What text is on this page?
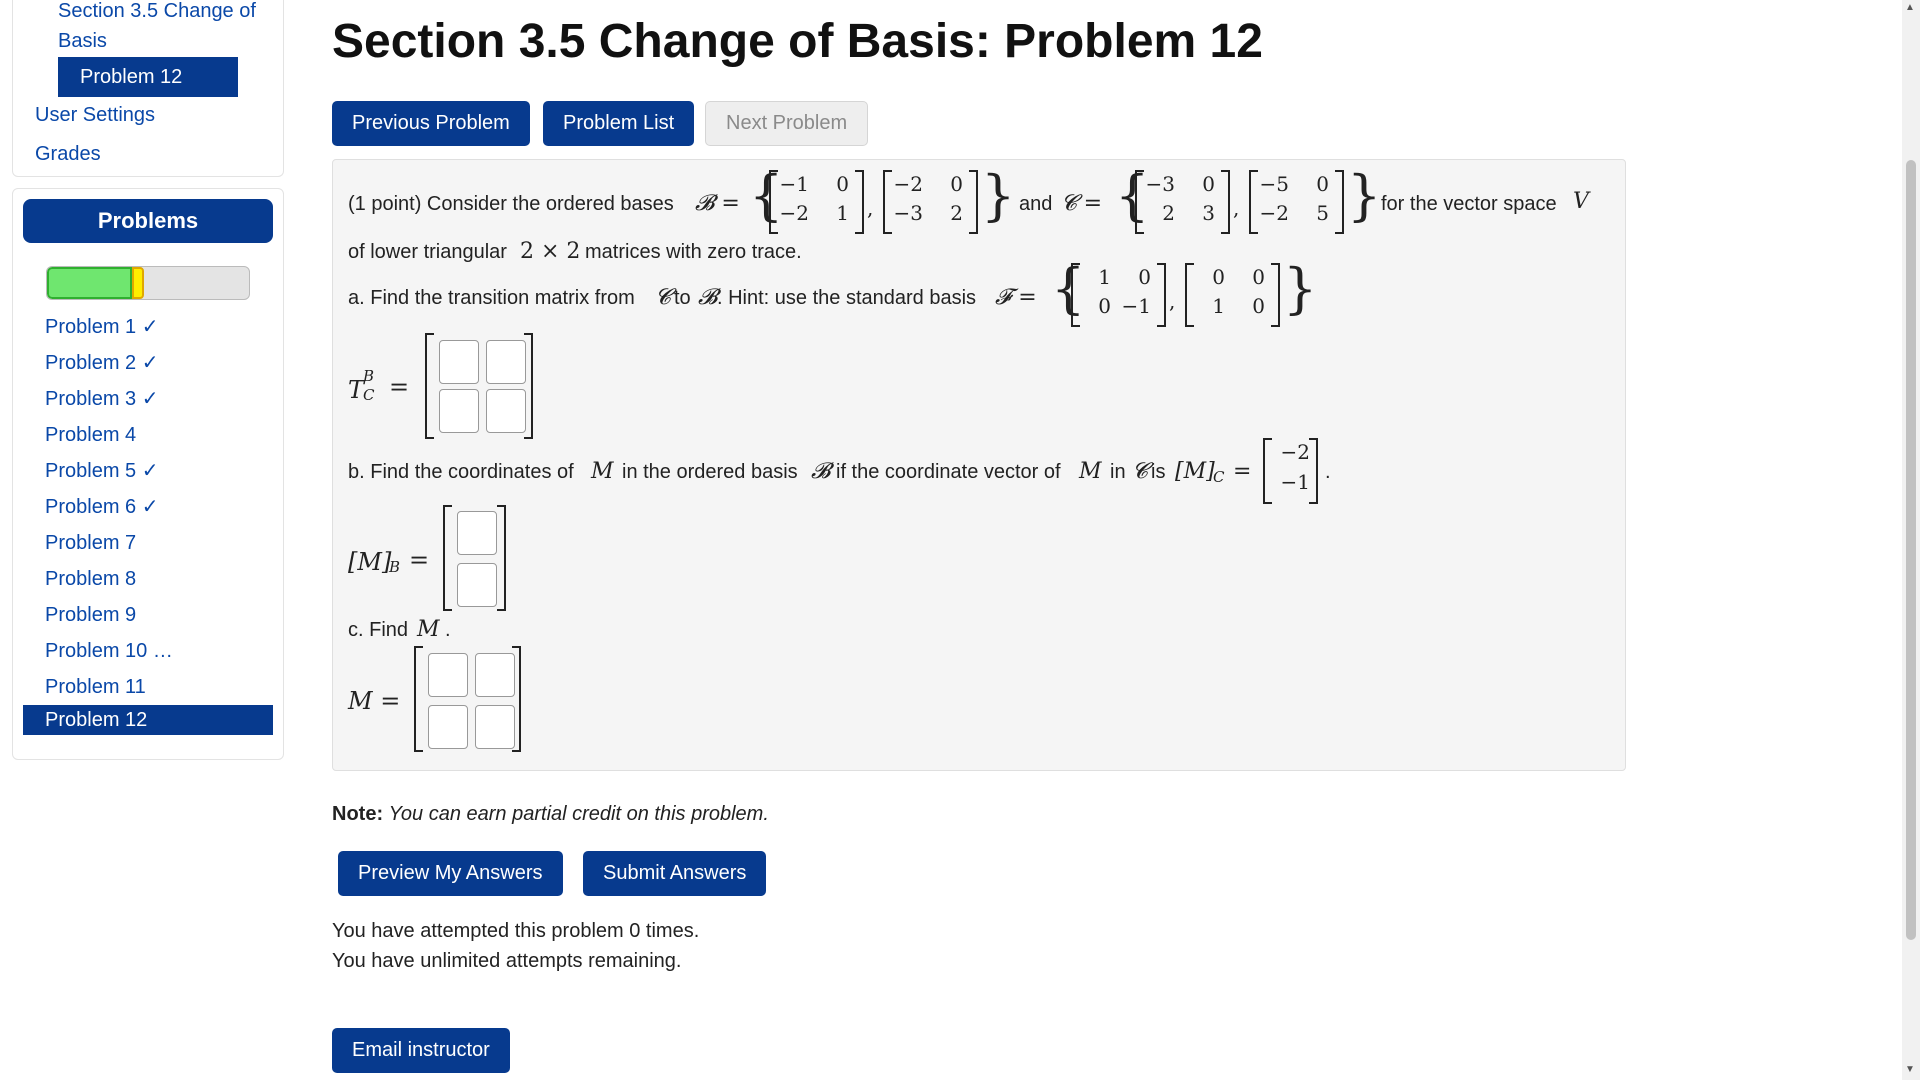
Section 3.5 Change of Basis
Problem 12
User Settings
Grades
Problems
Problem 1 ✓
Problem 2 ✓
Problem 3 ✓
Problem 4
Problem 5 ✓
Problem 6 ✓
Problem 7
Problem 8
Problem 9
Problem 10 …
Problem 11
Problem 12
Section 3.5 Change of Basis: Problem 12
Previous Problem	Problem List	Next Problem
(1 point) Consider the ordered bases 𝓑 = {
−1	0
−2	1 ,
−2	0
−3	2 } and 𝓒 = {
−3	0
2	3 ,
−5	0
−2	5 } for the vector space V
of lower triangular 2 × 2 matrices with zero trace.
a. Find the transition matrix from 𝓒 to 𝓑 . Hint: use the standard basis 𝓕 = { 1	0
0 −1 ,
0	0
1	0 }
T
B
C =
b. Find the coordinates of M in the ordered basis 𝓑 if the coordinate vector of M in 𝓒 is [M]
C =
−2
−1 .
[M]
B =
c. Find M .
M =
Note: You can earn partial credit on this problem.
Preview My Answers	Submit Answers
You have attempted this problem 0 times.
You have unlimited attempts remaining.
Email instructor
▲
▼
